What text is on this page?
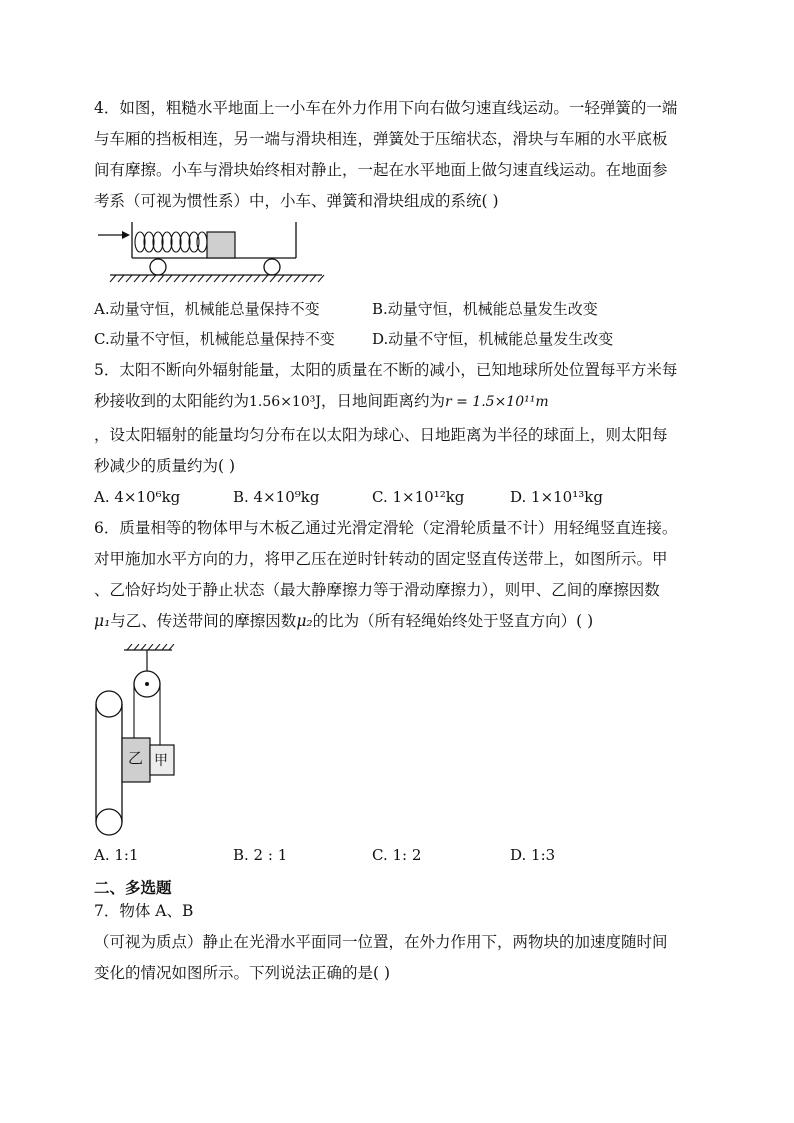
4．如图，粗糙水平地面上一小车在外力作用下向右做匀速直线运动。一轻弹簧的一端
与车厢的挡板相连，另一端与滑块相连，弹簧处于压缩状态，滑块与车厢的水平底板
间有摩擦。小车与滑块始终相对静止，一起在水平地面上做匀速直线运动。在地面参
考系（可视为惯性系）中，小车、弹簧和滑块组成的系统( )
A.动量守恒，机械能总量保持不变	B.动量守恒，机械能总量发生改变
C.动量不守恒，机械能总量保持不变 D.动量不守恒，机械能总量发生改变
5．太阳不断向外辐射能量，太阳的质量在不断的减小，已知地球所处位置每平方米每
秒接收到的太阳能约为1.56×10³J，日地间距离约为r = 1.5×10¹¹m
，设太阳辐射的能量均匀分布在以太阳为球心、日地距离为半径的球面上，则太阳每
秒减少的质量约为( )
A. 4×10⁶kg	B. 4×10⁹kg	C. 1×10¹²kg	D. 1×10¹³kg
6．质量相等的物体甲与木板乙通过光滑定滑轮（定滑轮质量不计）用轻绳竖直连接。
对甲施加水平方向的力，将甲乙压在逆时针转动的固定竖直传送带上，如图所示。甲
、乙恰好均处于静止状态（最大静摩擦力等于滑动摩擦力），则甲、乙间的摩擦因数
μ₁与乙、传送带间的摩擦因数μ₂的比为（所有轻绳始终处于竖直方向）( )
乙 甲
A. 1:1	B. 2 : 1	C. 1: 2	D. 1:3
二、多选题
7．物体 A、B
（可视为质点）静止在光滑水平面同一位置，在外力作用下，两物块的加速度随时间
变化的情况如图所示。下列说法正确的是( )
